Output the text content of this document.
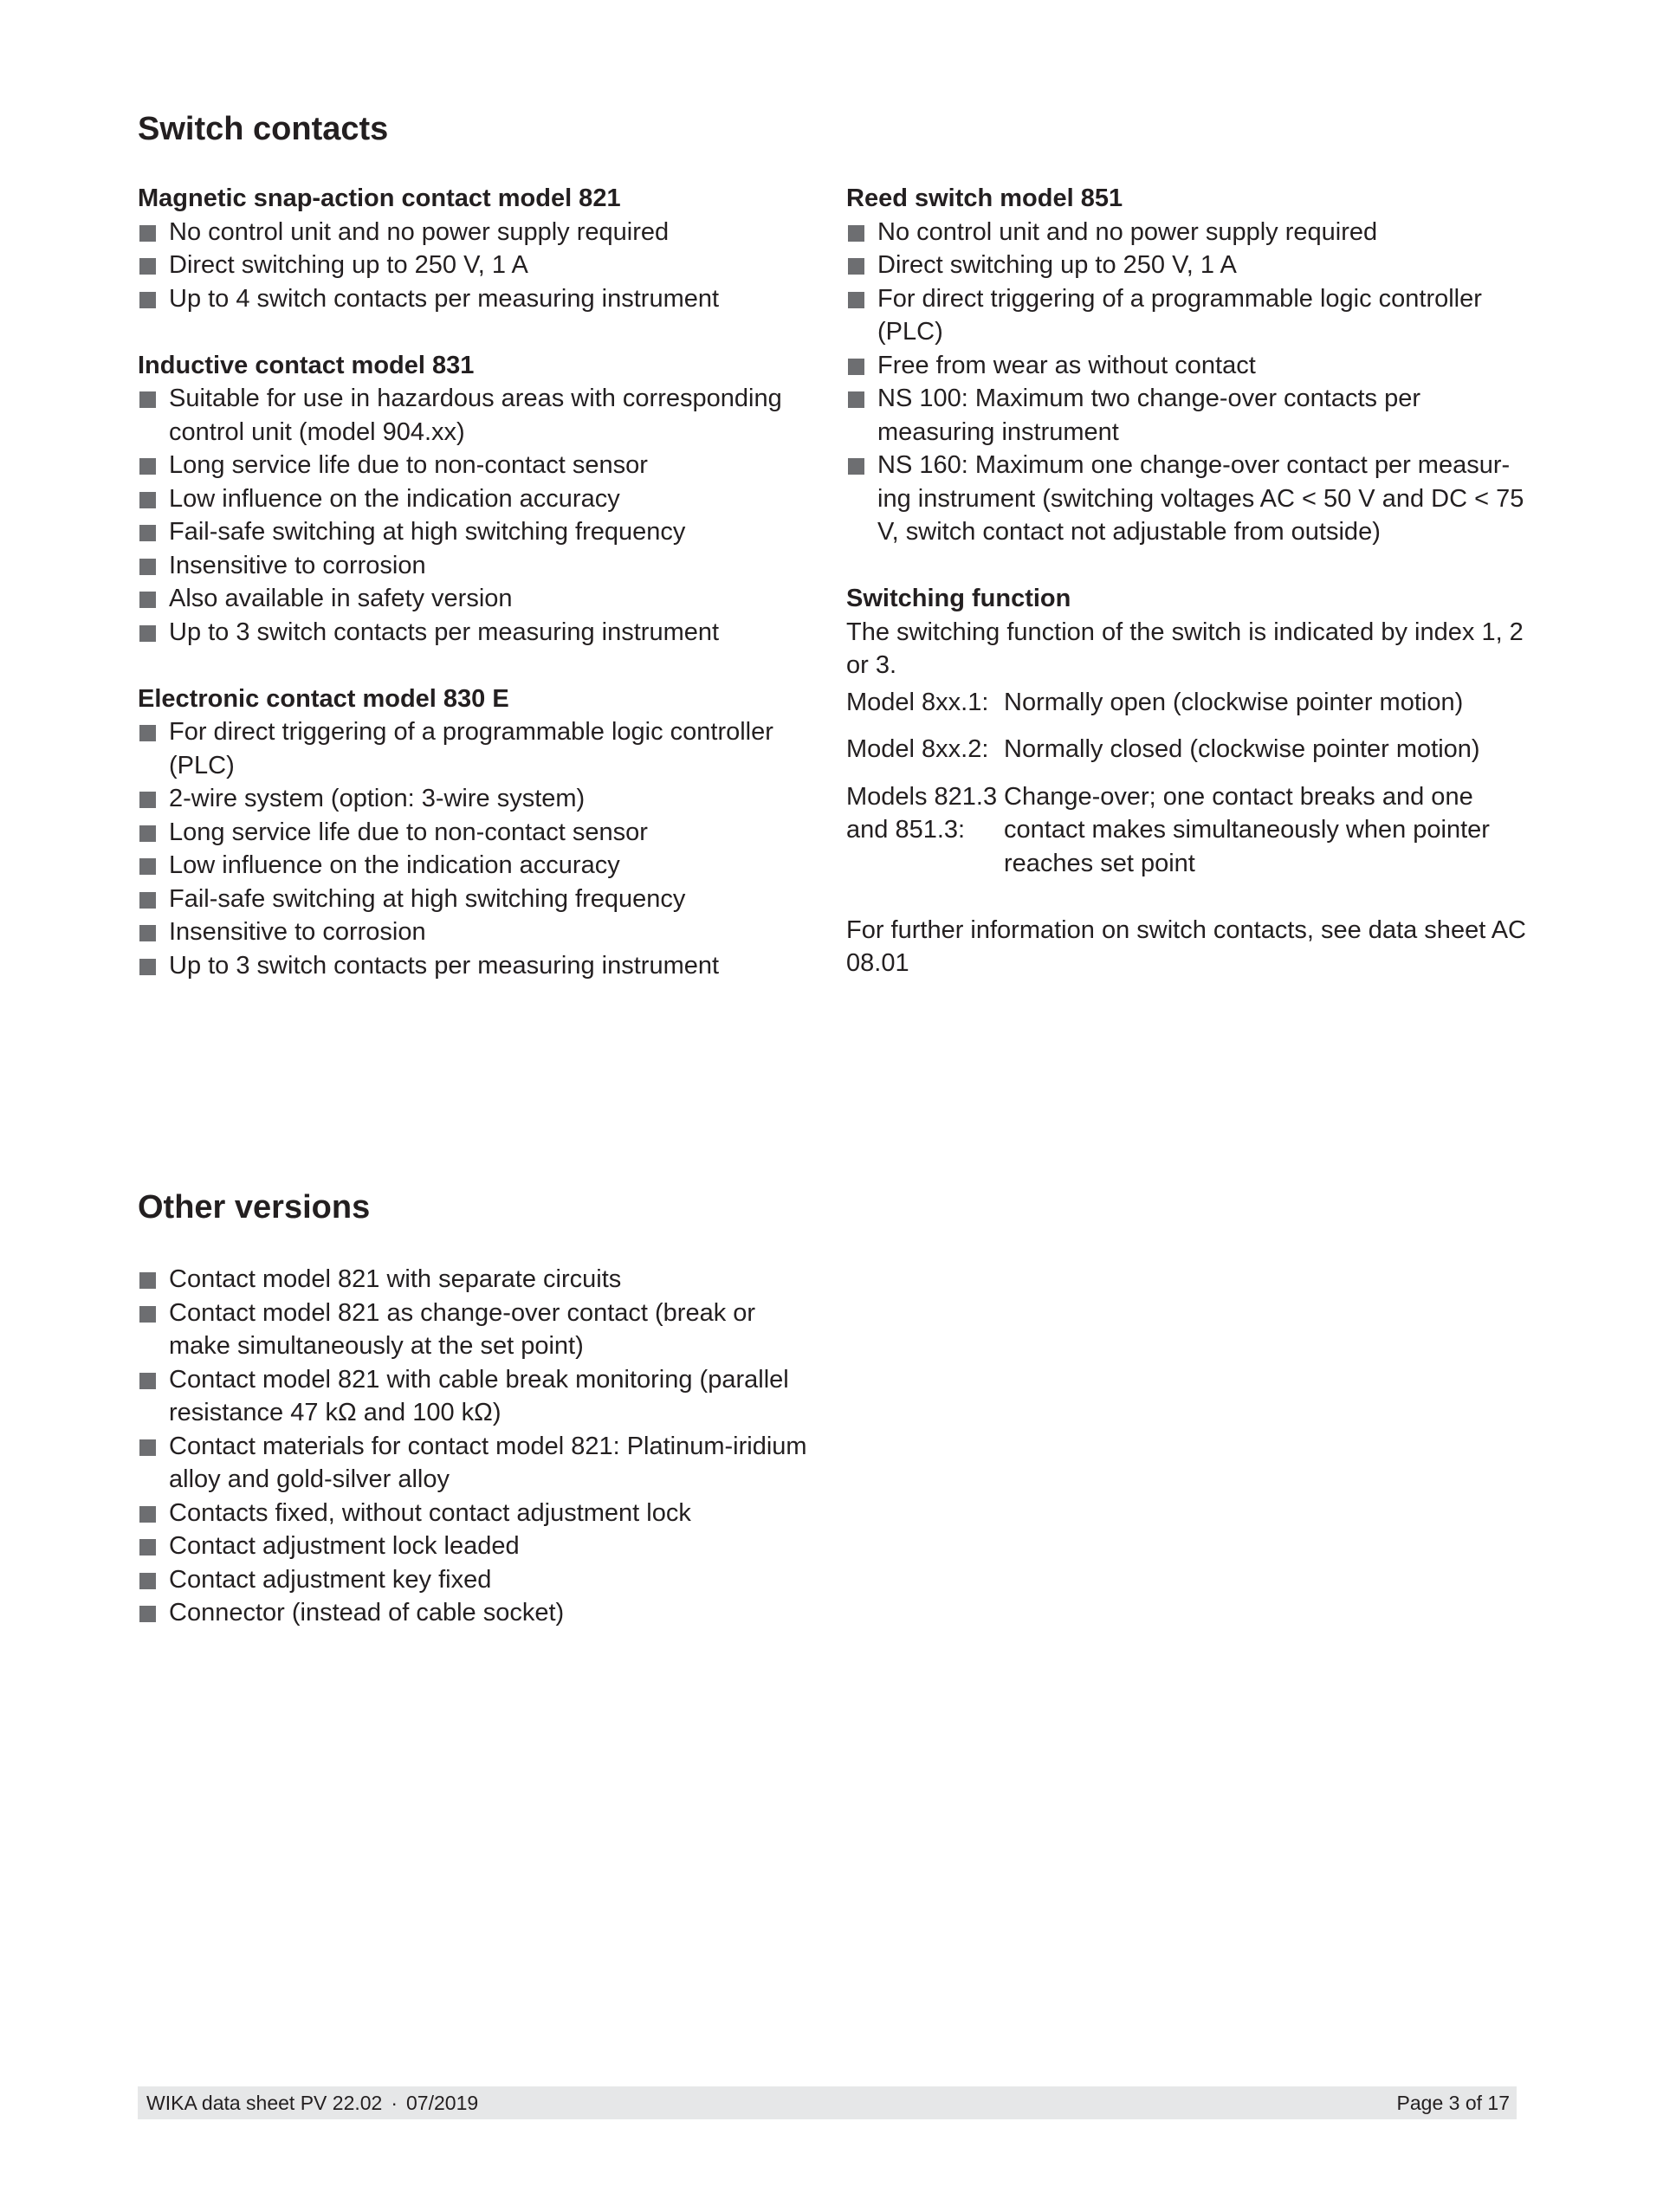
Switch contacts
Magnetic snap-action contact model 821
No control unit and no power supply required
Direct switching up to 250 V, 1 A
Up to 4 switch contacts per measuring instrument
Inductive contact model 831
Suitable for use in hazardous areas with corresponding control unit (model 904.xx)
Long service life due to non-contact sensor
Low influence on the indication accuracy
Fail-safe switching at high switching frequency
Insensitive to corrosion
Also available in safety version
Up to 3 switch contacts per measuring instrument
Electronic contact model 830 E
For direct triggering of a programmable logic controller (PLC)
2-wire system (option: 3-wire system)
Long service life due to non-contact sensor
Low influence on the indication accuracy
Fail-safe switching at high switching frequency
Insensitive to corrosion
Up to 3 switch contacts per measuring instrument
Reed switch model 851
No control unit and no power supply required
Direct switching up to 250 V, 1 A
For direct triggering of a programmable logic controller (PLC)
Free from wear as without contact
NS 100: Maximum two change-over contacts per measuring instrument
NS 160: Maximum one change-over contact per measur-ing instrument (switching voltages AC < 50 V and DC < 75 V, switch contact not adjustable from outside)
Switching function
The switching function of the switch is indicated by index 1, 2 or 3.
Model 8xx.1: Normally open (clockwise pointer motion)
Model 8xx.2: Normally closed (clockwise pointer motion)
Models 821.3 and 851.3:
Change-over; one contact breaks and one contact makes simultaneously when pointer reaches set point
For further information on switch contacts, see data sheet AC 08.01
Other versions
Contact model 821 with separate circuits
Contact model 821 as change-over contact (break or make simultaneously at the set point)
Contact model 821 with cable break monitoring (parallel resistance 47 kΩ and 100 kΩ)
Contact materials for contact model 821: Platinum-iridium alloy and gold-silver alloy
Contacts fixed, without contact adjustment lock
Contact adjustment lock leaded
Contact adjustment key fixed
Connector (instead of cable socket)
WIKA data sheet PV 22.02 · 07/2019	Page 3 of 17
